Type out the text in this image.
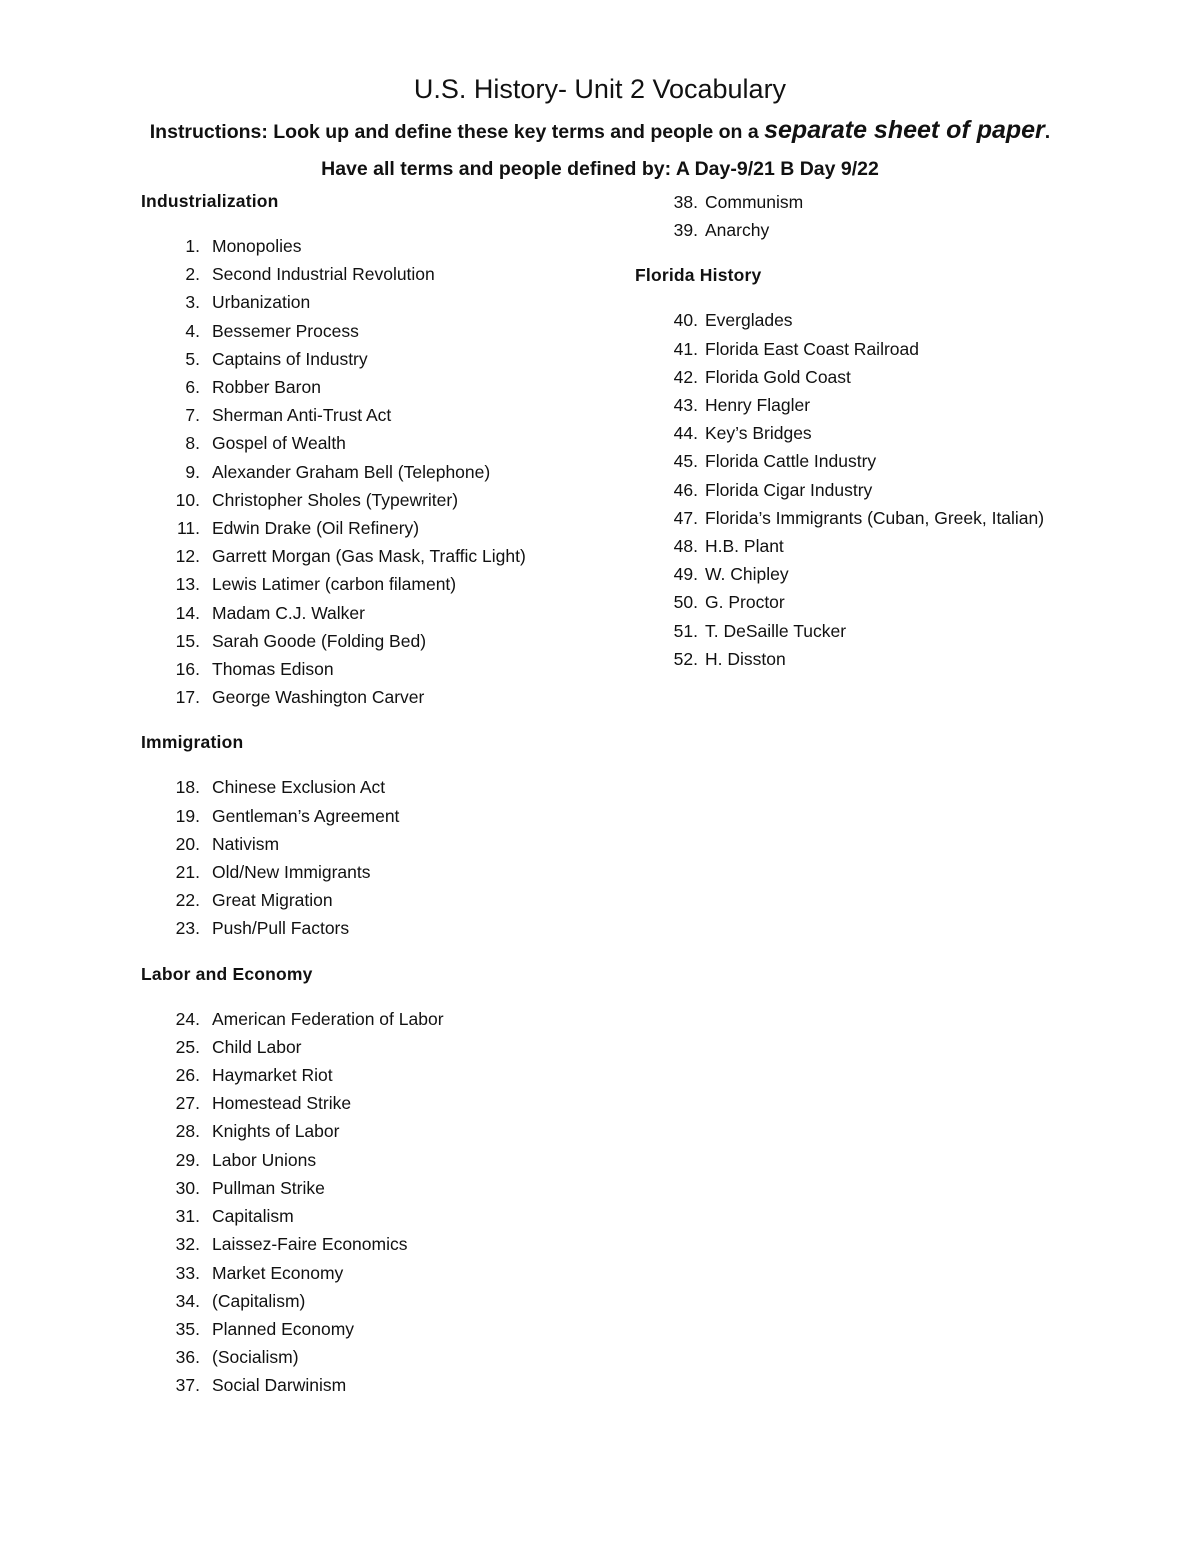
U.S. History- Unit 2 Vocabulary

Instructions: Look up and define these key terms and people on a separate sheet of paper. Have all terms and people defined by: A Day-9/21 B Day 9/22

Industrialization
1. Monopolies
2. Second Industrial Revolution
3. Urbanization
4. Bessemer Process
5. Captains of Industry
6. Robber Baron
7. Sherman Anti-Trust Act
8. Gospel of Wealth
9. Alexander Graham Bell (Telephone)
10. Christopher Sholes (Typewriter)
11. Edwin Drake (Oil Refinery)
12. Garrett Morgan (Gas Mask, Traffic Light)
13. Lewis Latimer (carbon filament)
14. Madam C.J. Walker
15. Sarah Goode (Folding Bed)
16. Thomas Edison
17. George Washington Carver
Immigration
18. Chinese Exclusion Act
19. Gentleman’s Agreement
20. Nativism
21. Old/New Immigrants
22. Great Migration
23. Push/Pull Factors
Labor and Economy
24. American Federation of Labor
25. Child Labor
26. Haymarket Riot
27. Homestead Strike
28. Knights of Labor
29. Labor Unions
30. Pullman Strike
31. Capitalism
32. Laissez-Faire Economics
33. Market Economy
34. (Capitalism)
35. Planned Economy
36. (Socialism)
37. Social Darwinism
38. Communism
39. Anarchy
Florida History
40. Everglades
41. Florida East Coast Railroad
42. Florida Gold Coast
43. Henry Flagler
44. Key’s Bridges
45. Florida Cattle Industry
46. Florida Cigar Industry
47. Florida’s Immigrants (Cuban, Greek, Italian)
48. H.B. Plant
49. W. Chipley
50. G. Proctor
51. T. DeSaille Tucker
52. H. Disston
